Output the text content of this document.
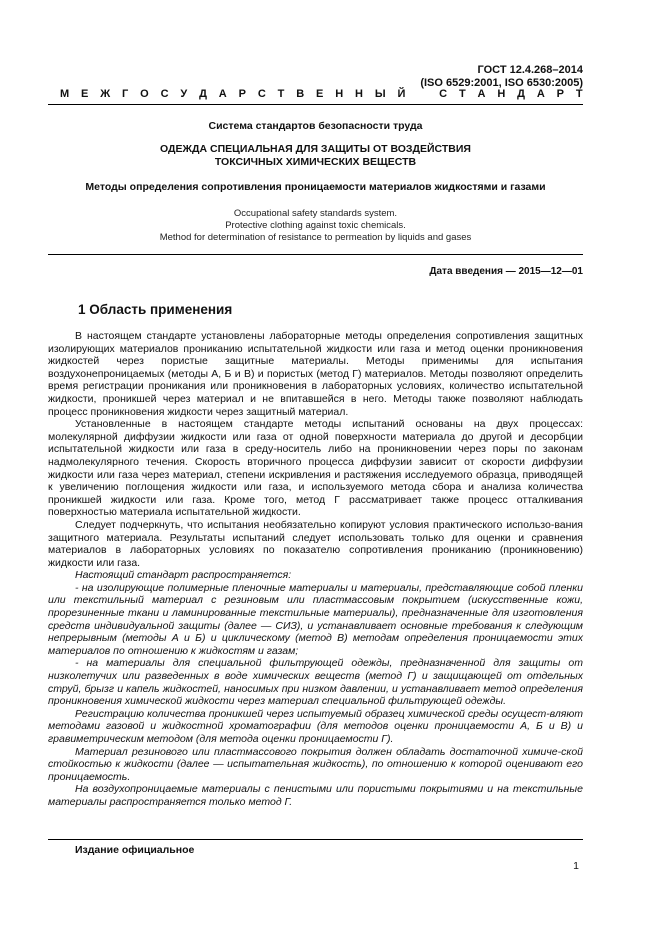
ГОСТ 12.4.268–2014
(ISO 6529:2001, ISO 6530:2005)
М Е Ж Г О С У Д А Р С Т В Е Н Н Ы Й	С Т А Н Д А Р Т
Система стандартов безопасности труда
ОДЕЖДА СПЕЦИАЛЬНАЯ ДЛЯ ЗАЩИТЫ ОТ ВОЗДЕЙСТВИЯ
ТОКСИЧНЫХ ХИМИЧЕСКИХ ВЕЩЕСТВ
Методы определения сопротивления проницаемости материалов жидкостями и газами
Occupational safety standards system.
Protective clothing against toxic chemicals.
Method for determination of resistance to permeation by liquids and gases
Дата введения — 2015—12—01
1 Область применения

В настоящем стандарте установлены лабораторные методы определения сопротивления защитных изолирующих материалов прониканию испытательной жидкости или газа и метод оценки проникновения жидкостей через пористые защитные материалы. Методы применимы для испытания воздухонепроницаемых (методы А, Б и В) и пористых (метод Г) материалов. Методы позволяют определить время регистрации проникания или проникновения в лабораторных условиях, количество испытательной жидкости, проникшей через материал и не впитавшейся в него. Методы также позволяют наблюдать процесс проникновения жидкости через защитный материал.

Установленные в настоящем стандарте методы испытаний основаны на двух процессах: молекулярной диффузии жидкости или газа от одной поверхности материала до другой и десорбции испытательной жидкости или газа в среду-носитель либо на проникновении через поры по законам надмолекулярного течения. Скорость вторичного процесса диффузии зависит от скорости диффузии жидкости или газа через материал, степени искривления и растяжения исследуемого образца, приводящей к увеличению поглощения жидкости или газа, и используемого метода сбора и анализа количества проникшей жидкости или газа. Кроме того, метод Г рассматривает также процесс отталкивания поверхностью материала испытательной жидкости.

Следует подчеркнуть, что испытания необязательно копируют условия практического использо-вания защитного материала. Результаты испытаний следует использовать только для оценки и сравнения материалов в лабораторных условиях по показателю сопротивления прониканию (проникновению) жидкости или газа.

Настоящий стандарт распространяется:

- на изолирующие полимерные пленочные материалы и материалы, представляющие собой пленки или текстильный материал с резиновым или пластмассовым покрытием (искусственные кожи, прорезиненные ткани и ламинированные текстильные материалы), предназначенные для изготовления средств индивидуальной защиты (далее — СИЗ), и устанавливает основные требования к следующим непрерывным (методы А и Б) и циклическому (метод В) методам определения проницаемости этих материалов по отношению к жидкостям и газам;

- на материалы для специальной фильтрующей одежды, предназначенной для защиты от низколетучих или разведенных в воде химических веществ (метод Г) и защищающей от отдельных струй, брызг и капель жидкостей, наносимых при низком давлении, и устанавливает метод определения проникновения химической жидкости через материал специальной фильтрующей одежды.

Регистрацию количества проникшей через испытуемый образец химической среды осущест-вляют методами газовой и жидкостной хроматографии (для методов оценки проницаемости А, Б и В) и гравиметрическим методом (для метода оценки проницаемости Г).

Материал резинового или пластмассового покрытия должен обладать достаточной химиче-ской стойкостью к жидкости (далее — испытательная жидкость), по отношению к которой оценивают его проницаемость.

На воздухопроницаемые материалы с пенистыми или пористыми покрытиями и на текстильные материалы распространяется только метод Г.

Издание официальное
1
